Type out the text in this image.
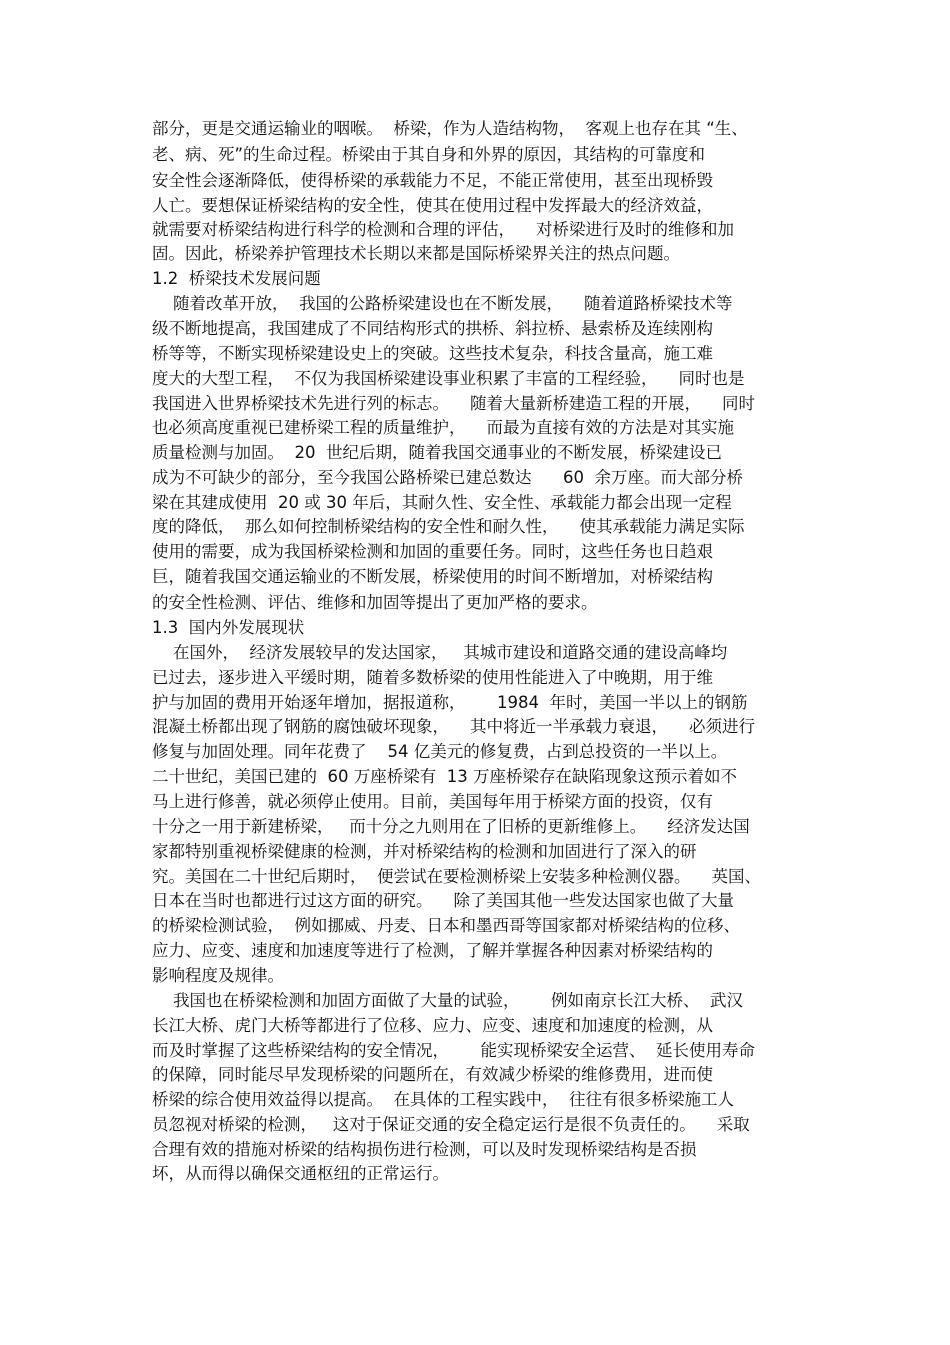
部分，更是交通运输业的咽喉。  桥梁，作为人造结构物，  客观上也存在其 “生、
老、病、死”的生命过程。桥梁由于其自身和外界的原因，其结构的可靠度和
安全性会逐渐降低，使得桥梁的承载能力不足，不能正常使用，甚至出现桥毁
人亡。要想保证桥梁结构的安全性，使其在使用过程中发挥最大的经济效益，
就需要对桥梁结构进行科学的检测和合理的评估，    对桥梁进行及时的维修和加
固。因此，桥梁养护管理技术长期以来都是国际桥梁界关注的热点问题。
1.2  桥梁技术发展问题
随着改革开放，  我国的公路桥梁建设也在不断发展，    随着道路桥梁技术等
级不断地提高，我国建成了不同结构形式的拱桥、斜拉桥、悬索桥及连续刚构
桥等等，不断实现桥梁建设史上的突破。这些技术复杂，科技含量高，施工难
度大的大型工程，  不仅为我国桥梁建设事业积累了丰富的工程经验，    同时也是
我国进入世界桥梁技术先进行列的标志。    随着大量新桥建造工程的开展，    同时
也必须高度重视已建桥梁工程的质量维护，    而最为直接有效的方法是对其实施
质量检测与加固。  20  世纪后期，随着我国交通事业的不断发展，桥梁建设已
成为不可缺少的部分，至今我国公路桥梁已建总数达      60  余万座。而大部分桥
梁在其建成使用  20 或 30 年后，其耐久性、安全性、承载能力都会出现一定程
度的降低，  那么如何控制桥梁结构的安全性和耐久性，    使其承载能力满足实际
使用的需要，成为我国桥梁检测和加固的重要任务。同时，这些任务也日趋艰
巨，随着我国交通运输业的不断发展，桥梁使用的时间不断增加，对桥梁结构
的安全性检测、评估、维修和加固等提出了更加严格的要求。
1.3  国内外发展现状
在国外，  经济发展较早的发达国家，   其城市建设和道路交通的建设高峰均
已过去，逐步进入平缓时期，随着多数桥梁的使用性能进入了中晚期，用于维
护与加固的费用开始逐年增加，据报道称，      1984  年时，美国一半以上的钢筋
混凝土桥都出现了钢筋的腐蚀破坏现象，    其中将近一半承载力衰退，    必须进行
修复与加固处理。同年花费了    54 亿美元的修复费，占到总投资的一半以上。
二十世纪，美国已建的  60 万座桥梁有  13 万座桥梁存在缺陷现象这预示着如不
马上进行修善，就必须停止使用。目前，美国每年用于桥梁方面的投资，仅有
十分之一用于新建桥梁，   而十分之九则用在了旧桥的更新维修上。    经济发达国
家都特别重视桥梁健康的检测，并对桥梁结构的检测和加固进行了深入的研
究。美国在二十世纪后期时，  便尝试在要检测桥梁上安装多种检测仪器。    英国、
日本在当时也都进行过这方面的研究。    除了美国其他一些发达国家也做了大量
的桥梁检测试验，  例如挪威、丹麦、日本和墨西哥等国家都对桥梁结构的位移、
应力、应变、速度和加速度等进行了检测，了解并掌握各种因素对桥梁结构的
影响程度及规律。
我国也在桥梁检测和加固方面做了大量的试验，      例如南京长江大桥、  武汉
长江大桥、虎门大桥等都进行了位移、应力、应变、速度和加速度的检测，从
而及时掌握了这些桥梁结构的安全情况，      能实现桥梁安全运营、  延长使用寿命
的保障，同时能尽早发现桥梁的问题所在，有效减少桥梁的维修费用，进而使
桥梁的综合使用效益得以提高。  在具体的工程实践中，  往往有很多桥梁施工人
员忽视对桥梁的检测，   这对于保证交通的安全稳定运行是很不负责任的。    采取
合理有效的措施对桥梁的结构损伤进行检测，可以及时发现桥梁结构是否损
坏，从而得以确保交通枢纽的正常运行。
